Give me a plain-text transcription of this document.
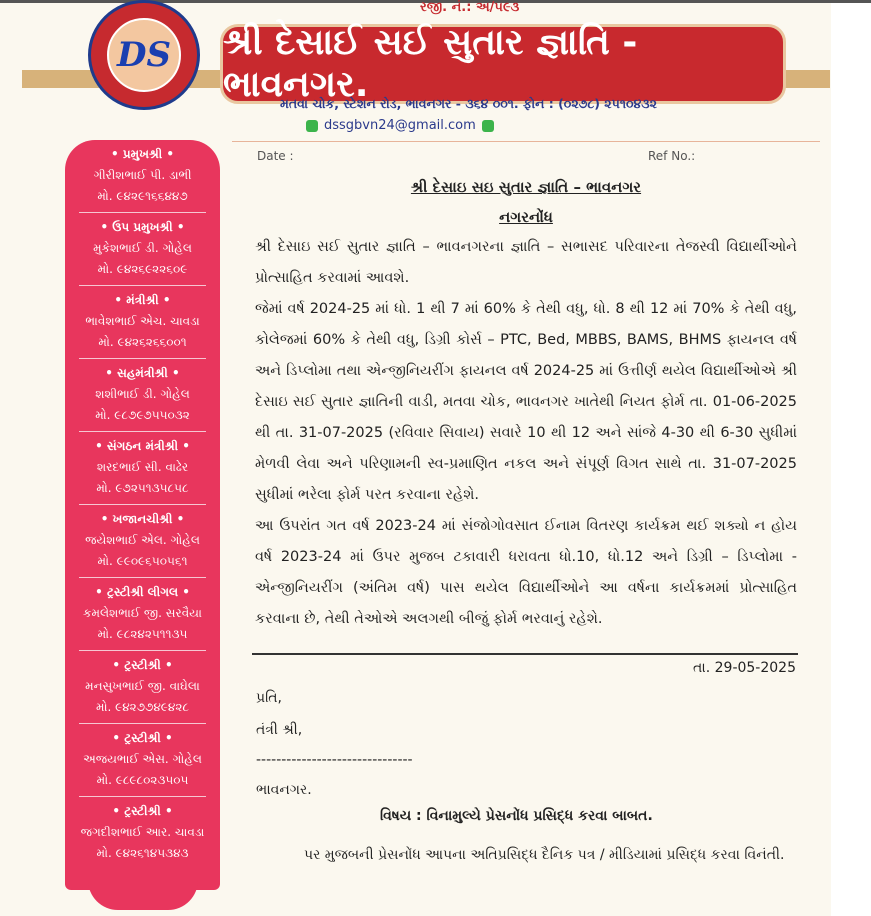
DS
રજી. નં.: અ/૫૯૩
શ્રી દેસાઈ સઈ સુતાર જ્ઞાતિ - ભાવનગર.
મતવા ચોક, સ્ટેશન રોડ, ભાવનગર - ૩૬૪ ૦૦૧. ફોન : (૦૨૭૮) ૨૫૧૦૪૩૨
dssgbvn24@gmail.com
• પ્રમુખશ્રી •
ગીરીશભાઈ પી. ડાભી
મો. ૯૪૨૯૧૬૬૪૪૭
• ઉપ પ્રમુખશ્રી •
મુકેશભાઈ ડી. ગોહેલ
મો. ૯૪૨૬૯૨૨૬૦૯
• મંત્રીશ્રી •
ભાવેશભાઈ એચ. ચાવડા
મો. ૯૪૨૬૨૬૬૦૦૧
• સહમંત્રીશ્રી •
શશીભાઈ ડી. ગોહેલ
મો. ૯૮૭૯૭૫૫૦૩૨
• સંગઠન મંત્રીશ્રી •
શરદભાઈ સી. વાઢેર
મો. ૯૭૨૫૧૩૫૮૫૮
• ખજાનચીશ્રી •
જયેશભાઈ એલ. ગોહેલ
મો. ૯૯૦૯૬૫૦૫૬૧
• ટ્રસ્ટીશ્રી લીગલ •
કમલેશભાઈ જી. સરવૈયા
મો. ૯૮૨૪૨૫૧૧૩૫
• ટ્રસ્ટીશ્રી •
મનસુખભાઈ જી. વાઘેલા
મો. ૯૪૨૭૭૪૯૪૨૮
• ટ્રસ્ટીશ્રી •
અજયભાઈ એસ. ગોહેલ
મો. ૯૮૯૮૦૨૩૫૦૫
• ટ્રસ્ટીશ્રી •
જગદીશભાઈ આર. ચાવડા
મો. ૯૪૨૬૧૪૫૩૪૩
Date :	Ref No.:
શ્રી દેસાઇ સઇ સુતાર જ્ઞાતિ – ભાવનગર
નગરનોંધ

શ્રી દેસાઇ સઈ સુતાર જ્ઞાતિ – ભાવનગરના જ્ઞાતિ – સભાસદ પરિવારના તેજસ્વી વિદ્યાર્થીઓને પ્રોત્સાહિત કરવામાં આવશે.

જેમાં વર્ષ 2024-25 માં ધો. 1 થી 7 માં 60% કે તેથી વધુ, ધો. 8 થી 12 માં 70% કે તેથી વધુ, કોલેજમાં 60% કે તેથી વધુ, ડિગ્રી કોર્સ – PTC, Bed, MBBS, BAMS, BHMS ફાયનલ વર્ષ અને ડિપ્લોમા તથા એન્જીનિયરીંગ ફાયનલ વર્ષ 2024-25 માં ઉત્તીર્ણ થયેલ વિદ્યાર્થીઓએ શ્રી દેસાઇ સઈ સુતાર જ્ઞાતિની વાડી, મતવા ચોક, ભાવનગર ખાતેથી નિયત ફોર્મ તા. 01-06-2025 થી તા. 31-07-2025 (રવિવાર સિવાય) સવારે 10 થી 12 અને સાંજે 4-30 થી 6-30 સુધીમાં મેળવી લેવા અને પરિણામની સ્વ-પ્રમાણિત નકલ અને સંપૂર્ણ વિગત સાથે તા. 31-07-2025 સુધીમાં ભરેલા ફોર્મ પરત કરવાના રહેશે.

આ ઉપરાંત ગત વર્ષ 2023-24 માં સંજોગોવસાત ઈનામ વિતરણ કાર્યક્રમ થઈ શક્યો ન હોય વર્ષ 2023-24 માં ઉપર મુજબ ટકાવારી ધરાવતા ધો.10, ધો.12 અને ડિગ્રી – ડિપ્લોમા - એન્જીનિયરીંગ (અંતિમ વર્ષ) પાસ થયેલ વિદ્યાર્થીઓને આ વર્ષના કાર્યક્રમમાં પ્રોત્સાહિત કરવાના છે, તેથી તેઓએ અલગથી બીજું ફોર્મ ભરવાનું રહેશે.

તા. 29-05-2025
પ્રતિ,
તંત્રી શ્રી,
-------------------------------
ભાવનગર.
વિષય : વિનામુલ્યે પ્રેસનોંધ પ્રસિદ્ધ કરવા બાબત.
પર મુજબની પ્રેસનોંધ આપના અતિપ્રસિદ્ધ દૈનિક પત્ર / મીડિયામાં પ્રસિદ્ધ કરવા વિનંતી.
